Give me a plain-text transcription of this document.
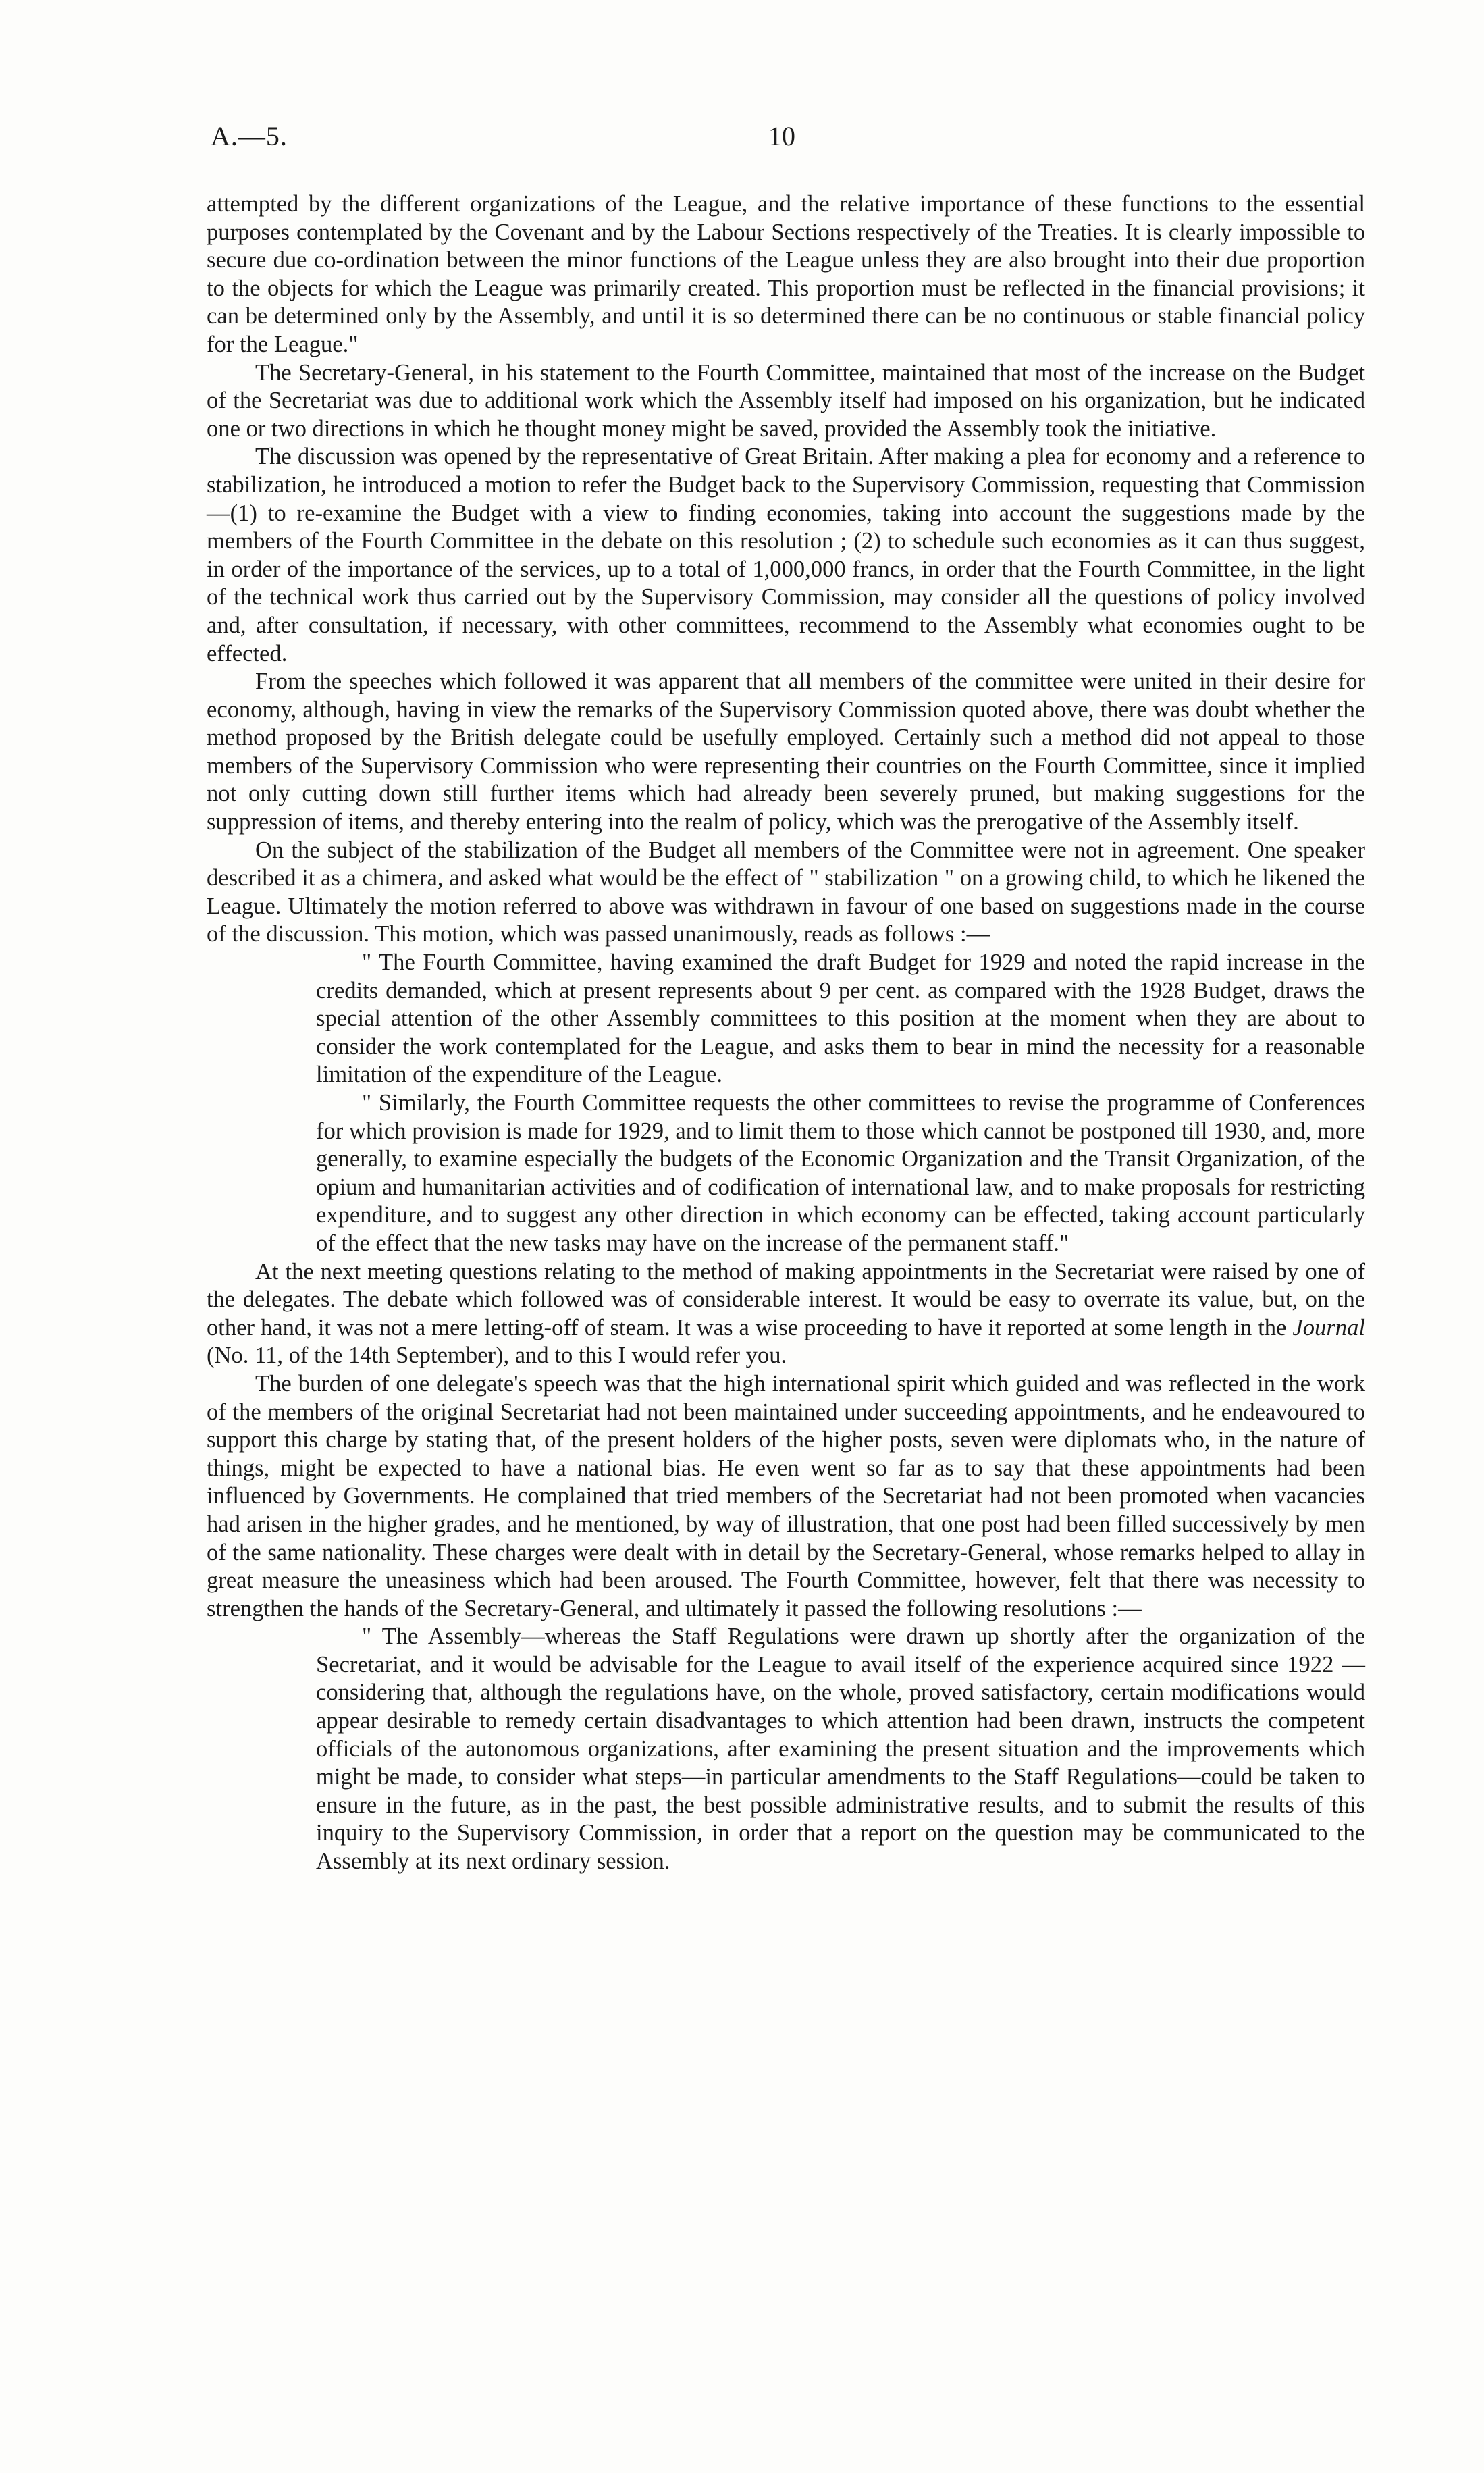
A.—5.	10

attempted by the different organizations of the League, and the relative importance of these functions to the essential purposes contemplated by the Covenant and by the Labour Sections respectively of the Treaties. It is clearly impossible to secure due co-ordination between the minor functions of the League unless they are also brought into their due proportion to the objects for which the League was primarily created. This proportion must be reflected in the financial provisions; it can be determined only by the Assembly, and until it is so determined there can be no continuous or stable financial policy for the League."

The Secretary-General, in his statement to the Fourth Committee, maintained that most of the increase on the Budget of the Secretariat was due to additional work which the Assembly itself had imposed on his organization, but he indicated one or two directions in which he thought money might be saved, provided the Assembly took the initiative.

The discussion was opened by the representative of Great Britain. After making a plea for economy and a reference to stabilization, he introduced a motion to refer the Budget back to the Supervisory Commission, requesting that Commission—(1) to re-examine the Budget with a view to finding economies, taking into account the suggestions made by the members of the Fourth Committee in the debate on this resolution ; (2) to schedule such economies as it can thus suggest, in order of the importance of the services, up to a total of 1,000,000 francs, in order that the Fourth Committee, in the light of the technical work thus carried out by the Supervisory Commission, may consider all the questions of policy involved and, after consultation, if necessary, with other committees, recommend to the Assembly what economies ought to be effected.

From the speeches which followed it was apparent that all members of the committee were united in their desire for economy, although, having in view the remarks of the Supervisory Commission quoted above, there was doubt whether the method proposed by the British delegate could be usefully employed. Certainly such a method did not appeal to those members of the Supervisory Commission who were representing their countries on the Fourth Committee, since it implied not only cutting down still further items which had already been severely pruned, but making suggestions for the suppression of items, and thereby entering into the realm of policy, which was the prerogative of the Assembly itself.

On the subject of the stabilization of the Budget all members of the Committee were not in agreement. One speaker described it as a chimera, and asked what would be the effect of " stabilization " on a growing child, to which he likened the League. Ultimately the motion referred to above was withdrawn in favour of one based on suggestions made in the course of the discussion. This motion, which was passed unanimously, reads as follows :—

" The Fourth Committee, having examined the draft Budget for 1929 and noted the rapid increase in the credits demanded, which at present represents about 9 per cent. as compared with the 1928 Budget, draws the special attention of the other Assembly committees to this position at the moment when they are about to consider the work contemplated for the League, and asks them to bear in mind the necessity for a reasonable limitation of the expenditure of the League.

" Similarly, the Fourth Committee requests the other committees to revise the programme of Conferences for which provision is made for 1929, and to limit them to those which cannot be postponed till 1930, and, more generally, to examine especially the budgets of the Economic Organization and the Transit Organization, of the opium and humanitarian activities and of codification of international law, and to make proposals for restricting expenditure, and to suggest any other direction in which economy can be effected, taking account particularly of the effect that the new tasks may have on the increase of the permanent staff."

At the next meeting questions relating to the method of making appointments in the Secretariat were raised by one of the delegates. The debate which followed was of considerable interest. It would be easy to overrate its value, but, on the other hand, it was not a mere letting-off of steam. It was a wise proceeding to have it reported at some length in the Journal (No. 11, of the 14th September), and to this I would refer you.

The burden of one delegate's speech was that the high international spirit which guided and was reflected in the work of the members of the original Secretariat had not been maintained under succeeding appointments, and he endeavoured to support this charge by stating that, of the present holders of the higher posts, seven were diplomats who, in the nature of things, might be expected to have a national bias. He even went so far as to say that these appointments had been influenced by Governments. He complained that tried members of the Secretariat had not been promoted when vacancies had arisen in the higher grades, and he mentioned, by way of illustration, that one post had been filled successively by men of the same nationality. These charges were dealt with in detail by the Secretary-General, whose remarks helped to allay in great measure the uneasiness which had been aroused. The Fourth Committee, however, felt that there was necessity to strengthen the hands of the Secretary-General, and ultimately it passed the following resolutions :—

" The Assembly—whereas the Staff Regulations were drawn up shortly after the organization of the Secretariat, and it would be advisable for the League to avail itself of the experience acquired since 1922 — considering that, although the regulations have, on the whole, proved satisfactory, certain modifications would appear desirable to remedy certain disadvantages to which attention had been drawn, instructs the competent officials of the autonomous organizations, after examining the present situation and the improvements which might be made, to consider what steps—in particular amendments to the Staff Regulations—could be taken to ensure in the future, as in the past, the best possible administrative results, and to submit the results of this inquiry to the Supervisory Commission, in order that a report on the question may be communicated to the Assembly at its next ordinary session.
